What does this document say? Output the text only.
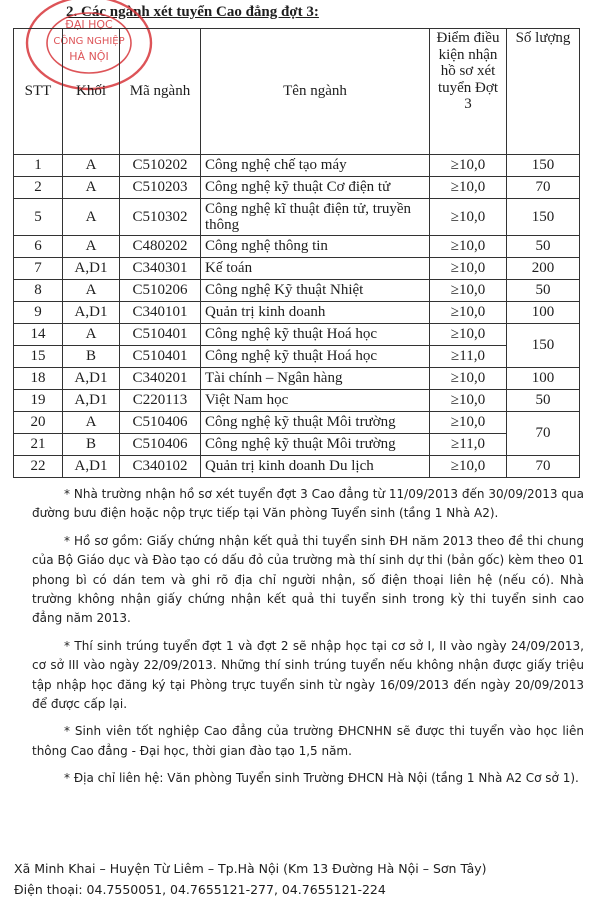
2. Các ngành xét tuyển Cao đẳng đợt 3:
ĐẠI HỌC
CÔNG NGHIỆP
HÀ NỘI
STT	Khối	Mã ngành	Tên ngành	Điểm điều kiện nhận hồ sơ xét tuyển Đợt 3	Số lượng
1	A	C510202	Công nghệ chế tạo máy	≥10,0	150
2	A	C510203	Công nghệ kỹ thuật Cơ điện tử	≥10,0	70
5	A	C510302	Công nghệ kĩ thuật điện tử, truyền thông	≥10,0	150
6	A	C480202	Công nghệ thông tin	≥10,0	50
7	A,D1	C340301	Kế toán	≥10,0	200
8	A	C510206	Công nghệ Kỹ thuật Nhiệt	≥10,0	50
9	A,D1	C340101	Quản trị kinh doanh	≥10,0	100
14	A	C510401	Công nghệ kỹ thuật Hoá học	≥10,0	150
15	B	C510401	Công nghệ kỹ thuật Hoá học	≥11,0	
18	A,D1	C340201	Tài chính – Ngân hàng	≥10,0	100
19	A,D1	C220113	Việt Nam học	≥10,0	50
20	A	C510406	Công nghệ kỹ thuật Môi trường	≥10,0	70
21	B	C510406	Công nghệ kỹ thuật Môi trường	≥11,0	
22	A,D1	C340102	Quản trị kinh doanh Du lịch	≥10,0	70

* Nhà trường nhận hồ sơ xét tuyển đợt 3 Cao đẳng từ 11/09/2013 đến 30/09/2013 qua đường bưu điện hoặc nộp trực tiếp tại Văn phòng Tuyển sinh (tầng 1 Nhà A2).

* Hồ sơ gồm: Giấy chứng nhận kết quả thi tuyển sinh ĐH năm 2013 theo đề thi chung của Bộ Giáo dục và Đào tạo có dấu đỏ của trường mà thí sinh dự thi (bản gốc) kèm theo 01 phong bì có dán tem và ghi rõ địa chỉ người nhận, số điện thoại liên hệ (nếu có). Nhà trường không nhận giấy chứng nhận kết quả thi tuyển sinh trong kỳ thi tuyển sinh cao đẳng năm 2013.

* Thí sinh trúng tuyển đợt 1 và đợt 2 sẽ nhập học tại cơ sở I, II vào ngày 24/09/2013, cơ sở III vào ngày 22/09/2013. Những thí sinh trúng tuyển nếu không nhận được giấy triệu tập nhập học đăng ký tại Phòng trực tuyển sinh từ ngày 16/09/2013 đến ngày 20/09/2013 để được cấp lại.

* Sinh viên tốt nghiệp Cao đẳng của trường ĐHCNHN sẽ được thi tuyển vào học liên thông Cao đẳng - Đại học, thời gian đào tạo 1,5 năm.

* Địa chỉ liên hệ: Văn phòng Tuyển sinh Trường ĐHCN Hà Nội (tầng 1 Nhà A2 Cơ sở 1).

Xã Minh Khai – Huyện Từ Liêm – Tp.Hà Nội (Km 13 Đường Hà Nội – Sơn Tây)
Điện thoại: 04.7550051, 04.7655121-277, 04.7655121-224
